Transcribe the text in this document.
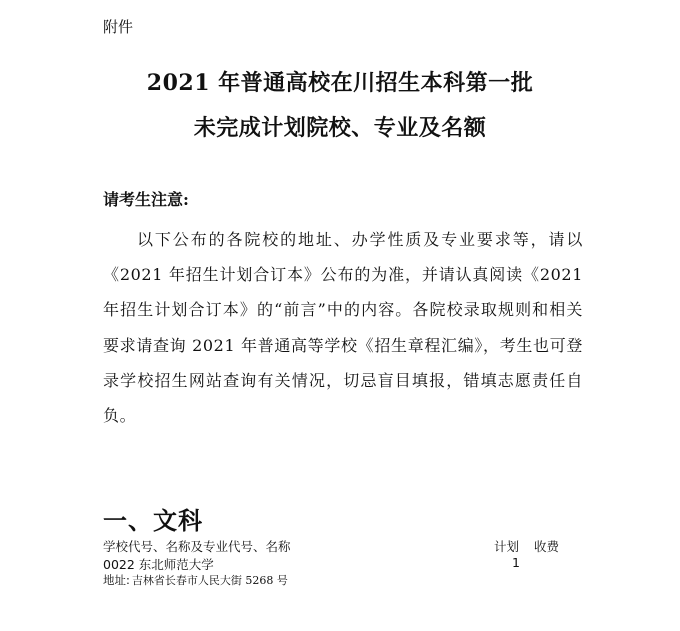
附件
2021 年普通高校在川招生本科第一批
未完成计划院校、专业及名额
请考生注意:
以下公布的各院校的地址、办学性质及专业要求等，请以《2021 年招生计划合订本》公布的为准，并请认真阅读《2021 年招生计划合订本》的“前言”中的内容。各院校录取规则和相关要求请查询 2021 年普通高等学校《招生章程汇编》，考生也可登录学校招生网站查询有关情况，切忌盲目填报，错填志愿责任自负。
一、文科
学校代号、名称及专业代号、名称	计划 收费
0022 东北师范大学	1
地址: 吉林省长春市人民大街 5268 号
